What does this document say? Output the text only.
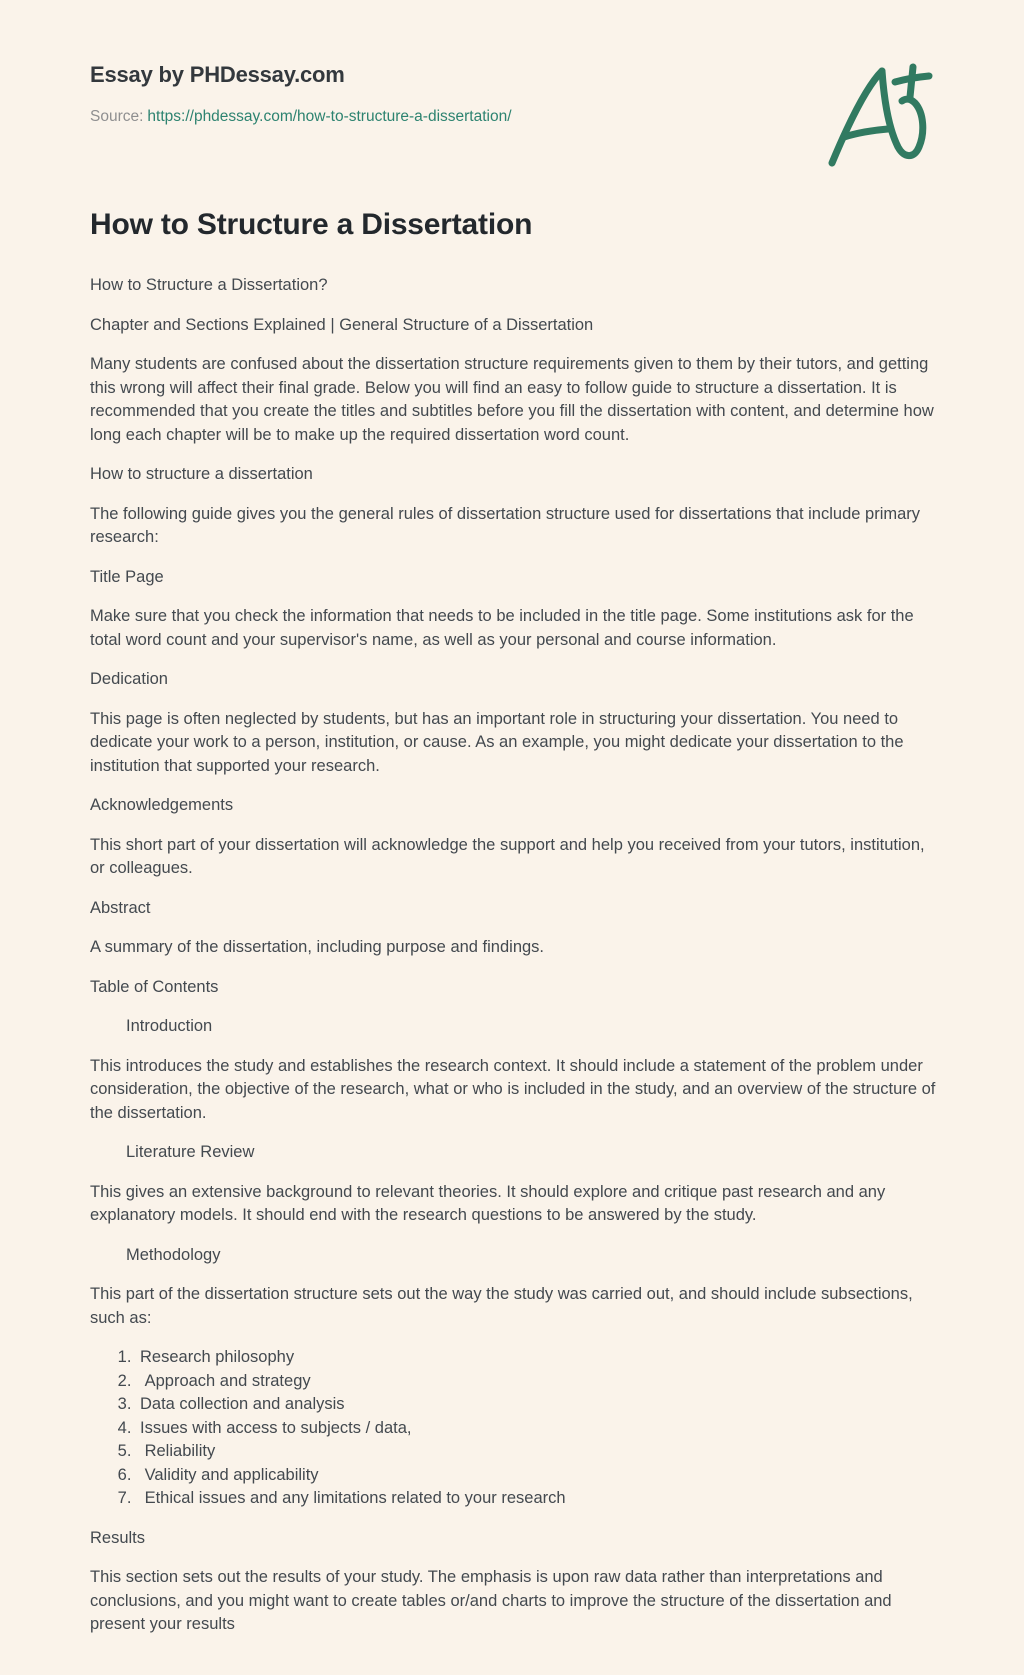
Essay by PHDessay.com
Source: https://phdessay.com/how-to-structure-a-dissertation/
How to Structure a Dissertation

How to Structure a Dissertation?

Chapter and Sections Explained | General Structure of a Dissertation

Many students are confused about the dissertation structure requirements given to them by their tutors, and getting this wrong will affect their final grade. Below you will find an easy to follow guide to structure a dissertation. It is recommended that you create the titles and subtitles before you fill the dissertation with content, and determine how long each chapter will be to make up the required dissertation word count.

How to structure a dissertation

The following guide gives you the general rules of dissertation structure used for dissertations that include primary research:

Title Page

Make sure that you check the information that needs to be included in the title page. Some institutions ask for the total word count and your supervisor's name, as well as your personal and course information.

Dedication

This page is often neglected by students, but has an important role in structuring your dissertation. You need to dedicate your work to a person, institution, or cause. As an example, you might dedicate your dissertation to the institution that supported your research.

Acknowledgements

This short part of your dissertation will acknowledge the support and help you received from your tutors, institution, or colleagues.

Abstract

A summary of the dissertation, including purpose and findings.

Table of Contents

Introduction

This introduces the study and establishes the research context. It should include a statement of the problem under consideration, the objective of the research, what or who is included in the study, and an overview of the structure of the dissertation.

Literature Review

This gives an extensive background to relevant theories. It should explore and critique past research and any explanatory models. It should end with the research questions to be answered by the study.

Methodology

This part of the dissertation structure sets out the way the study was carried out, and should include subsections, such as:

1. Research philosophy
2.  Approach and strategy
3. Data collection and analysis
4. Issues with access to subjects / data,
5.  Reliability
6.  Validity and applicability
7.  Ethical issues and any limitations related to your research

Results

This section sets out the results of your study. The emphasis is upon raw data rather than interpretations and conclusions, and you might want to create tables or/and charts to improve the structure of the dissertation and present your results
